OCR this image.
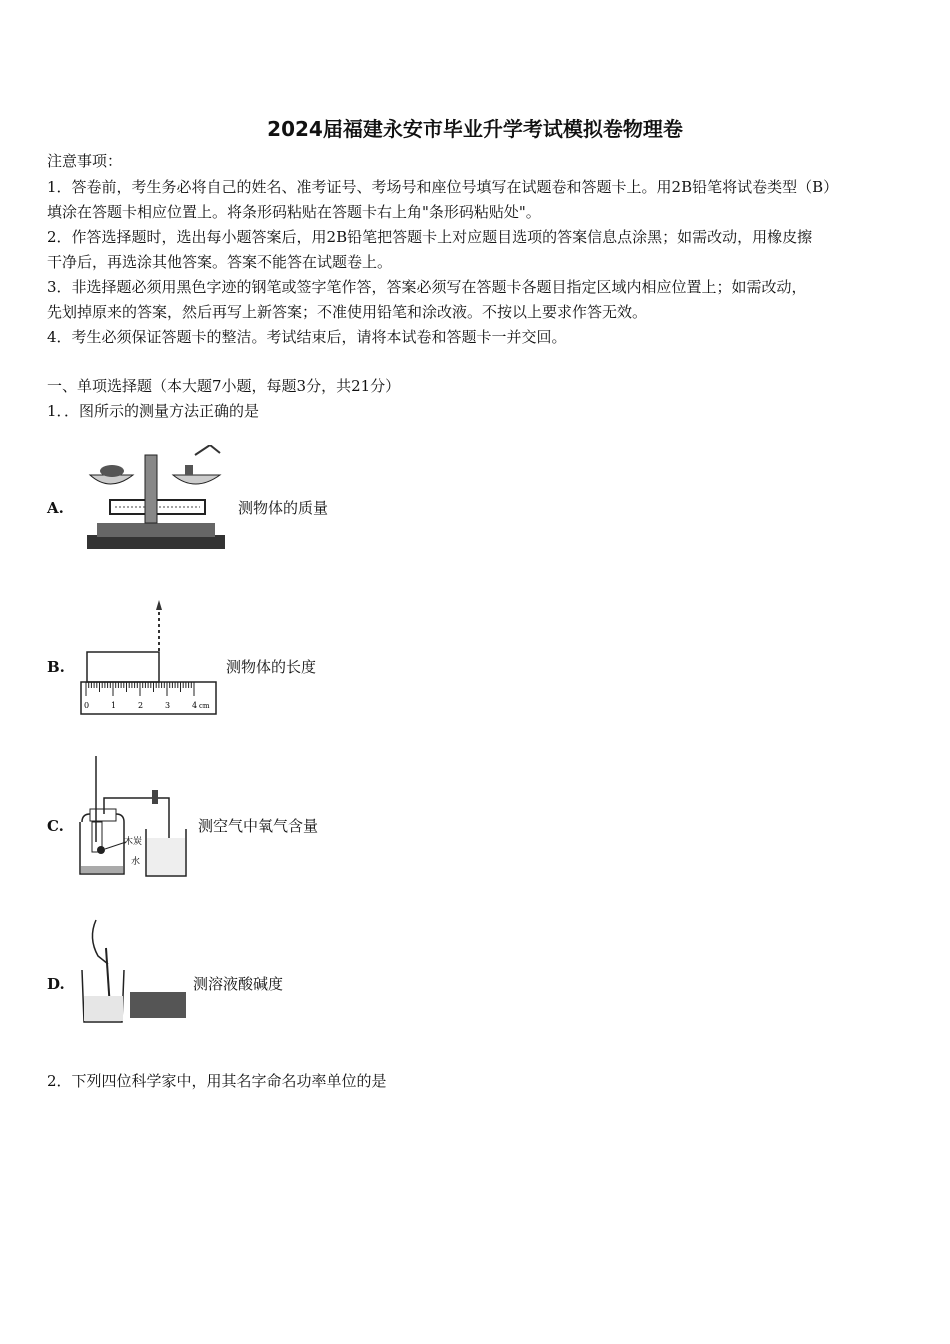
2024届福建永安市毕业升学考试模拟卷物理卷
注意事项：
1．答卷前，考生务必将自己的姓名、准考证号、考场号和座位号填写在试题卷和答题卡上。用2B铅笔将试卷类型（B）
填涂在答题卡相应位置上。将条形码粘贴在答题卡右上角"条形码粘贴处"。
2．作答选择题时，选出每小题答案后，用2B铅笔把答题卡上对应题目选项的答案信息点涂黑；如需改动，用橡皮擦
干净后，再选涂其他答案。答案不能答在试题卷上。
3．非选择题必须用黑色字迹的钢笔或签字笔作答，答案必须写在答题卡各题目指定区域内相应位置上；如需改动，
先划掉原来的答案，然后再写上新答案；不准使用铅笔和涂改液。不按以上要求作答无效。
4．考生必须保证答题卡的整洁。考试结束后，请将本试卷和答题卡一并交回。
一、单项选择题（本大题7小题，每题3分，共21分）
1．．图所示的测量方法正确的是
A.	测物体的质量
B.
0	1	2	3	4 cm
测物体的长度
C.
木炭
水
测空气中氧气含量
D.	测溶液酸碱度
2．下列四位科学家中，用其名字命名功率单位的是
